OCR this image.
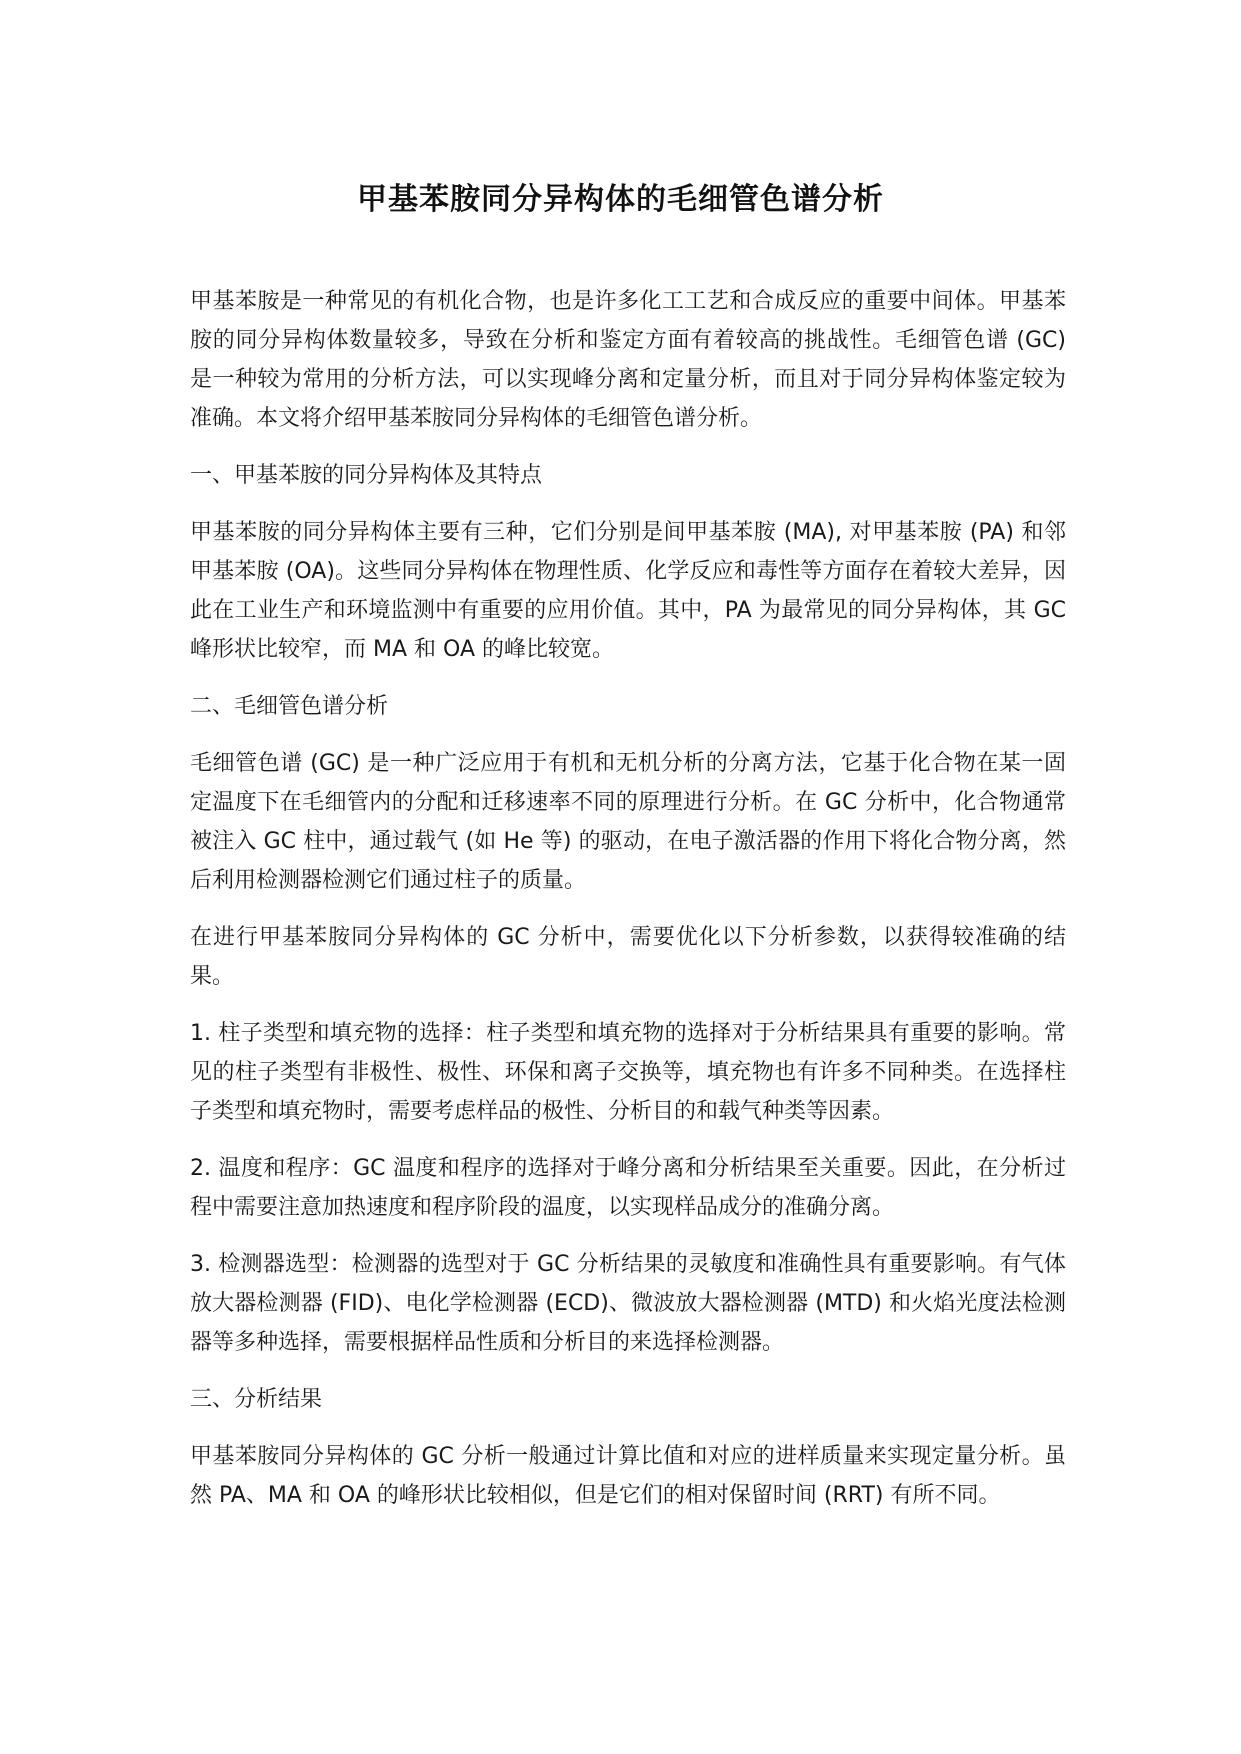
甲基苯胺同分异构体的毛细管色谱分析

甲基苯胺是一种常见的有机化合物，也是许多化工工艺和合成反应的重要中间体。甲基苯胺的同分异构体数量较多，导致在分析和鉴定方面有着较高的挑战性。毛细管色谱 (GC) 是一种较为常用的分析方法，可以实现峰分离和定量分析，而且对于同分异构体鉴定较为准确。本文将介绍甲基苯胺同分异构体的毛细管色谱分析。

一、甲基苯胺的同分异构体及其特点

甲基苯胺的同分异构体主要有三种，它们分别是间甲基苯胺 (MA), 对甲基苯胺 (PA) 和邻甲基苯胺 (OA)。这些同分异构体在物理性质、化学反应和毒性等方面存在着较大差异，因此在工业生产和环境监测中有重要的应用价值。其中，PA 为最常见的同分异构体，其 GC 峰形状比较窄，而 MA 和 OA 的峰比较宽。

二、毛细管色谱分析

毛细管色谱 (GC) 是一种广泛应用于有机和无机分析的分离方法，它基于化合物在某一固定温度下在毛细管内的分配和迁移速率不同的原理进行分析。在 GC 分析中，化合物通常被注入 GC 柱中，通过载气 (如 He 等) 的驱动，在电子激活器的作用下将化合物分离，然后利用检测器检测它们通过柱子的质量。

在进行甲基苯胺同分异构体的 GC 分析中，需要优化以下分析参数，以获得较准确的结果。

1. 柱子类型和填充物的选择：柱子类型和填充物的选择对于分析结果具有重要的影响。常见的柱子类型有非极性、极性、环保和离子交换等，填充物也有许多不同种类。在选择柱子类型和填充物时，需要考虑样品的极性、分析目的和载气种类等因素。

2. 温度和程序：GC 温度和程序的选择对于峰分离和分析结果至关重要。因此，在分析过程中需要注意加热速度和程序阶段的温度，以实现样品成分的准确分离。

3. 检测器选型：检测器的选型对于 GC 分析结果的灵敏度和准确性具有重要影响。有气体放大器检测器 (FID)、电化学检测器 (ECD)、微波放大器检测器 (MTD) 和火焰光度法检测器等多种选择，需要根据样品性质和分析目的来选择检测器。

三、分析结果

甲基苯胺同分异构体的 GC 分析一般通过计算比值和对应的进样质量来实现定量分析。虽然 PA、MA 和 OA 的峰形状比较相似，但是它们的相对保留时间 (RRT) 有所不同。
